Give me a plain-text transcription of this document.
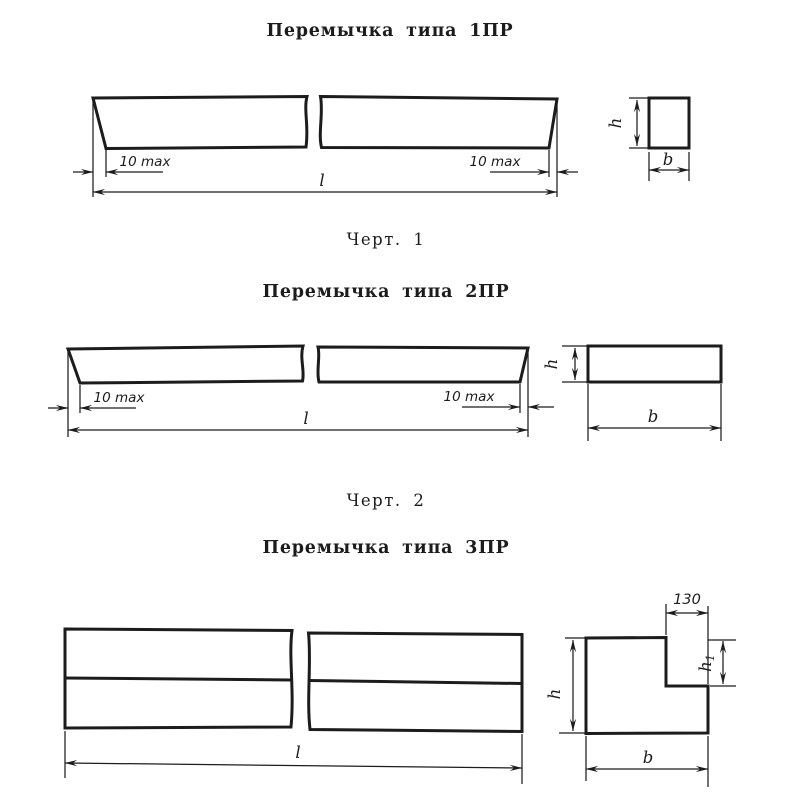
Перемычка типа 1ПР
10 max	10 max
l
h
b
Черт. 1
Перемычка типа 2ПР
10 max	10 max
l
h
b
Черт. 2
Перемычка типа 3ПР
l
130
h1
h
b
